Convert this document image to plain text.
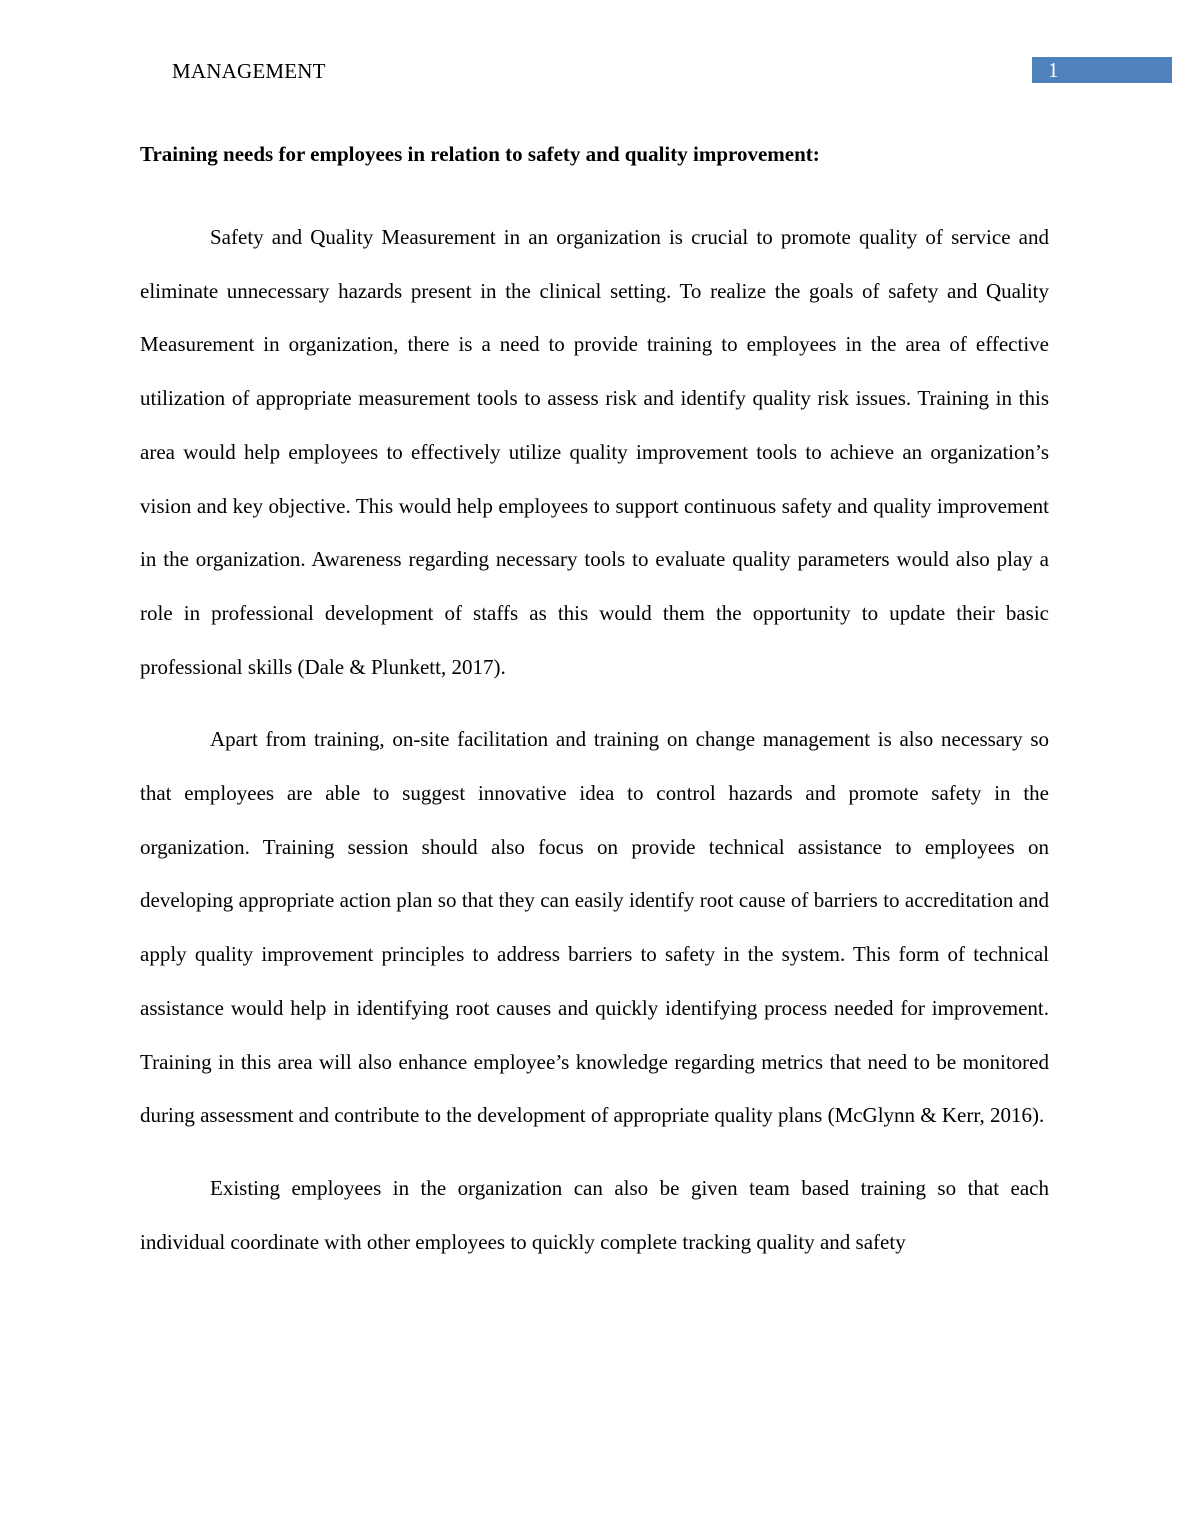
MANAGEMENT	1

Training needs for employees in relation to safety and quality improvement:

Safety and Quality Measurement in an organization is crucial to promote quality of service and eliminate unnecessary hazards present in the clinical setting. To realize the goals of safety and Quality Measurement in organization, there is a need to provide training to employees in the area of effective utilization of appropriate measurement tools to assess risk and identify quality risk issues. Training in this area would help employees to effectively utilize quality improvement tools to achieve an organization’s vision and key objective. This would help employees to support continuous safety and quality improvement in the organization. Awareness regarding necessary tools to evaluate quality parameters would also play a role in professional development of staffs as this would them the opportunity to update their basic professional skills (Dale & Plunkett, 2017).

Apart from training, on-site facilitation and training on change management is also necessary so that employees are able to suggest innovative idea to control hazards and promote safety in the organization. Training session should also focus on provide technical assistance to employees on developing appropriate action plan so that they can easily identify root cause of barriers to accreditation and apply quality improvement principles to address barriers to safety in the system. This form of technical assistance would help in identifying root causes and quickly identifying process needed for improvement. Training in this area will also enhance employee’s knowledge regarding metrics that need to be monitored during assessment and contribute to the development of appropriate quality plans (McGlynn & Kerr, 2016).

Existing employees in the organization can also be given team based training so that each individual coordinate with other employees to quickly complete tracking quality and safety
